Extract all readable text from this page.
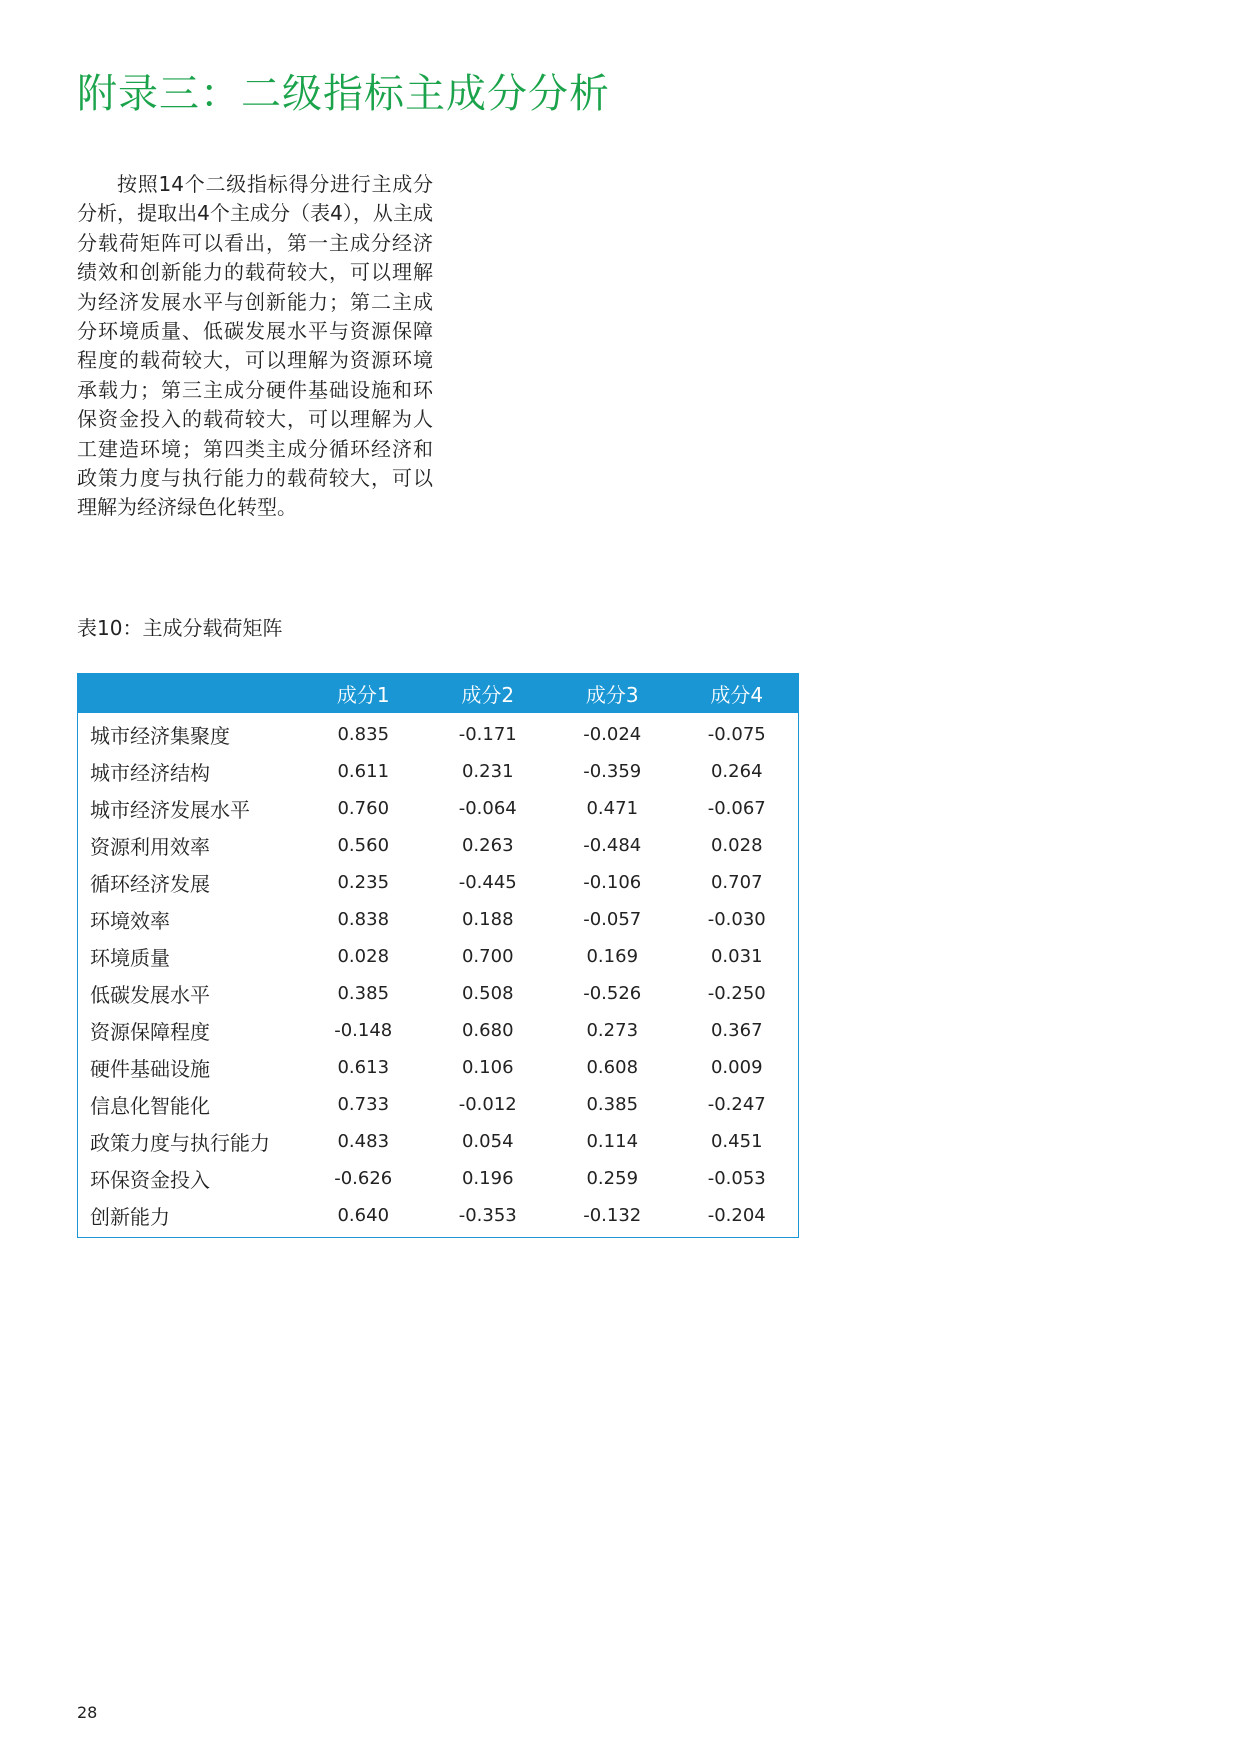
附录三：二级指标主成分分析

按照14个二级指标得分进行主成分分析，提取出4个主成分（表4），从主成分载荷矩阵可以看出，第一主成分经济绩效和创新能力的载荷较大，可以理解为经济发展水平与创新能力；第二主成分环境质量、低碳发展水平与资源保障程度的载荷较大，可以理解为资源环境承载力；第三主成分硬件基础设施和环保资金投入的载荷较大，可以理解为人工建造环境；第四类主成分循环经济和政策力度与执行能力的载荷较大，可以理解为经济绿色化转型。

表10：主成分载荷矩阵

	成分1	成分2	成分3	成分4
城市经济集聚度	0.835	-0.171	-0.024	-0.075
城市经济结构	0.611	0.231	-0.359	0.264
城市经济发展水平	0.760	-0.064	0.471	-0.067
资源利用效率	0.560	0.263	-0.484	0.028
循环经济发展	0.235	-0.445	-0.106	0.707
环境效率	0.838	0.188	-0.057	-0.030
环境质量	0.028	0.700	0.169	0.031
低碳发展水平	0.385	0.508	-0.526	-0.250
资源保障程度	-0.148	0.680	0.273	0.367
硬件基础设施	0.613	0.106	0.608	0.009
信息化智能化	0.733	-0.012	0.385	-0.247
政策力度与执行能力	0.483	0.054	0.114	0.451
环保资金投入	-0.626	0.196	0.259	-0.053
创新能力	0.640	-0.353	-0.132	-0.204
28
